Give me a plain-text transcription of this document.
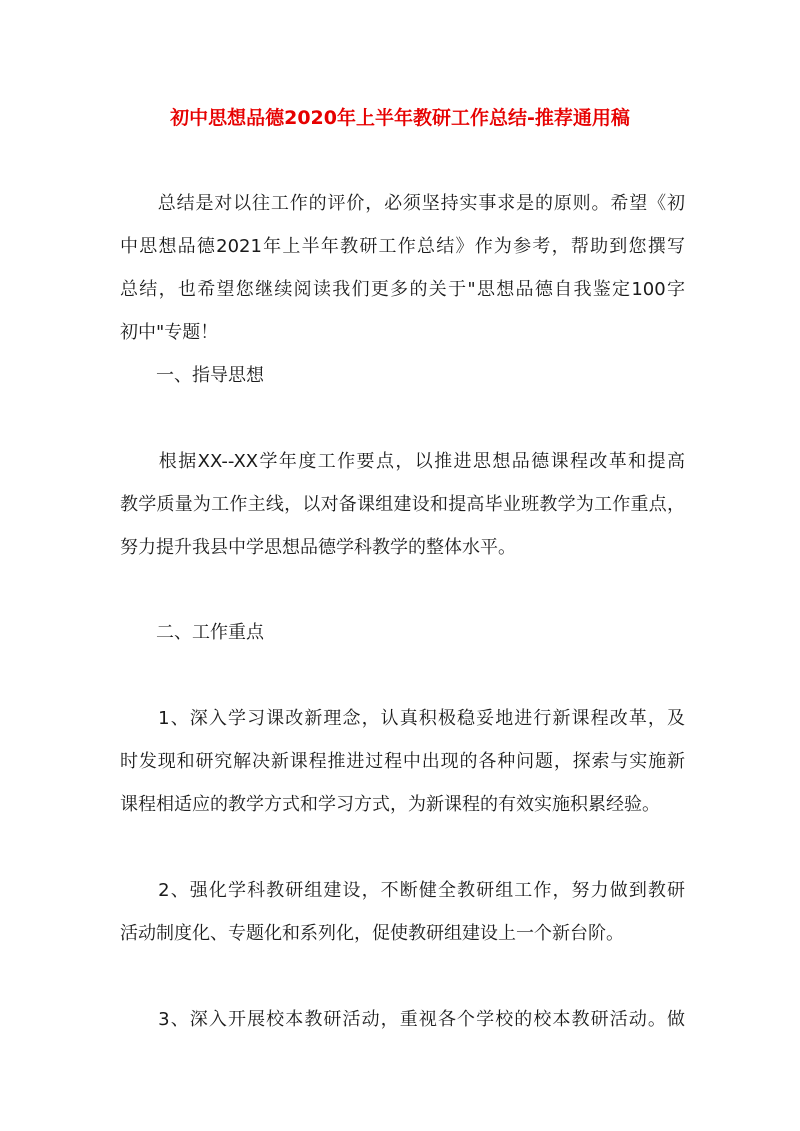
初中思想品德2020年上半年教研工作总结-推荐通用稿
　　总结是对以往工作的评价，必须坚持实事求是的原则。希望《初
中思想品德2021年上半年教研工作总结》作为参考，帮助到您撰写
总结，也希望您继续阅读我们更多的关于"思想品德自我鉴定100字
初中"专题！
　　一、指导思想
　　根据XX--XX学年度工作要点，以推进思想品德课程改革和提高
教学质量为工作主线，以对备课组建设和提高毕业班教学为工作重点，
努力提升我县中学思想品德学科教学的整体水平。
　　二、工作重点
　　1、深入学习课改新理念，认真积极稳妥地进行新课程改革，及
时发现和研究解决新课程推进过程中出现的各种问题，探索与实施新
课程相适应的教学方式和学习方式，为新课程的有效实施积累经验。
　　2、强化学科教研组建设，不断健全教研组工作，努力做到教研
活动制度化、专题化和系列化，促使教研组建设上一个新台阶。
　　3、深入开展校本教研活动，重视各个学校的校本教研活动。做
